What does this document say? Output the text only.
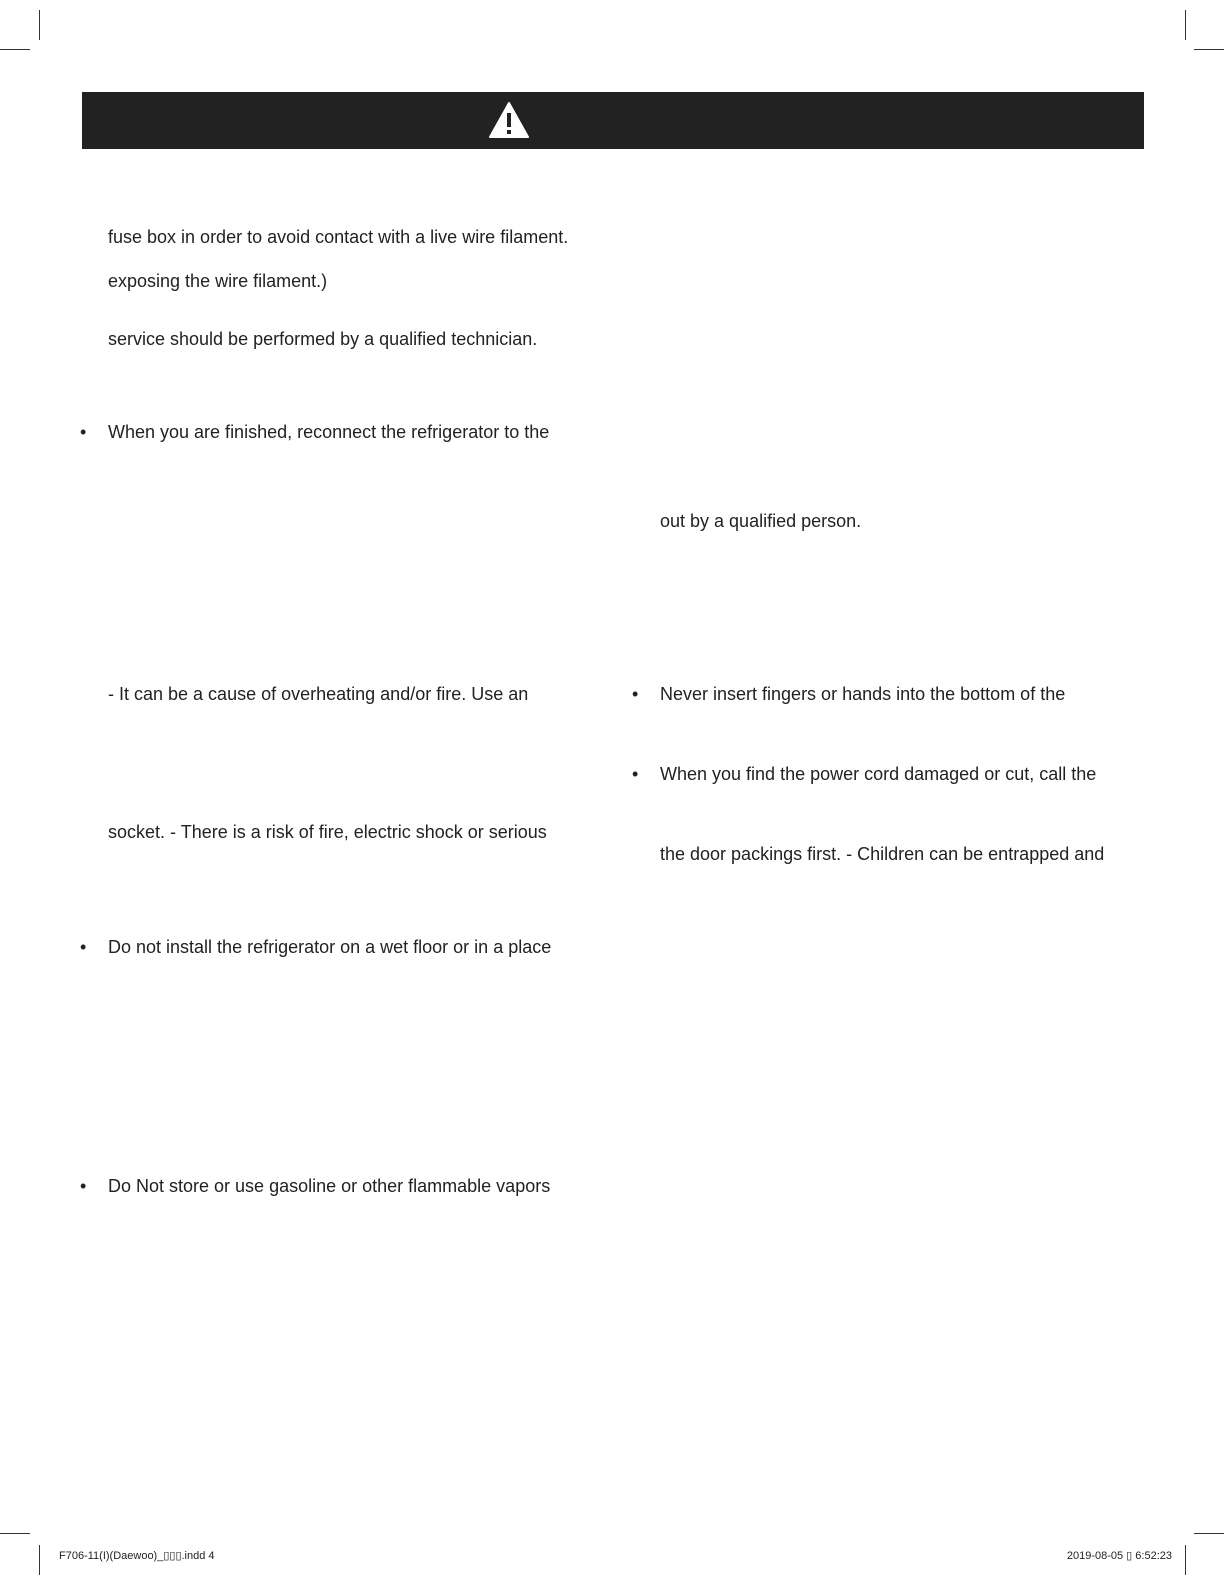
fuse box in order to avoid contact with a live wire filament.
exposing the wire filament.)
service should be performed by a qualified technician.
• When you are finished, reconnect the refrigerator to the
- It can be a cause of overheating and/or fire. Use an
socket. - There is a risk of fire, electric shock or serious
• Do not install the refrigerator on a wet floor or in a place
• Do Not store or use gasoline or other flammable vapors
out by a qualified person.
• Never insert fingers or hands into the bottom of the
• When you find the power cord damaged or cut, call the
the door packings first. - Children can be entrapped and
F706-11(I)(Daewoo)_▯▯▯.indd 4	2019-08-05 ▯ 6:52:23
